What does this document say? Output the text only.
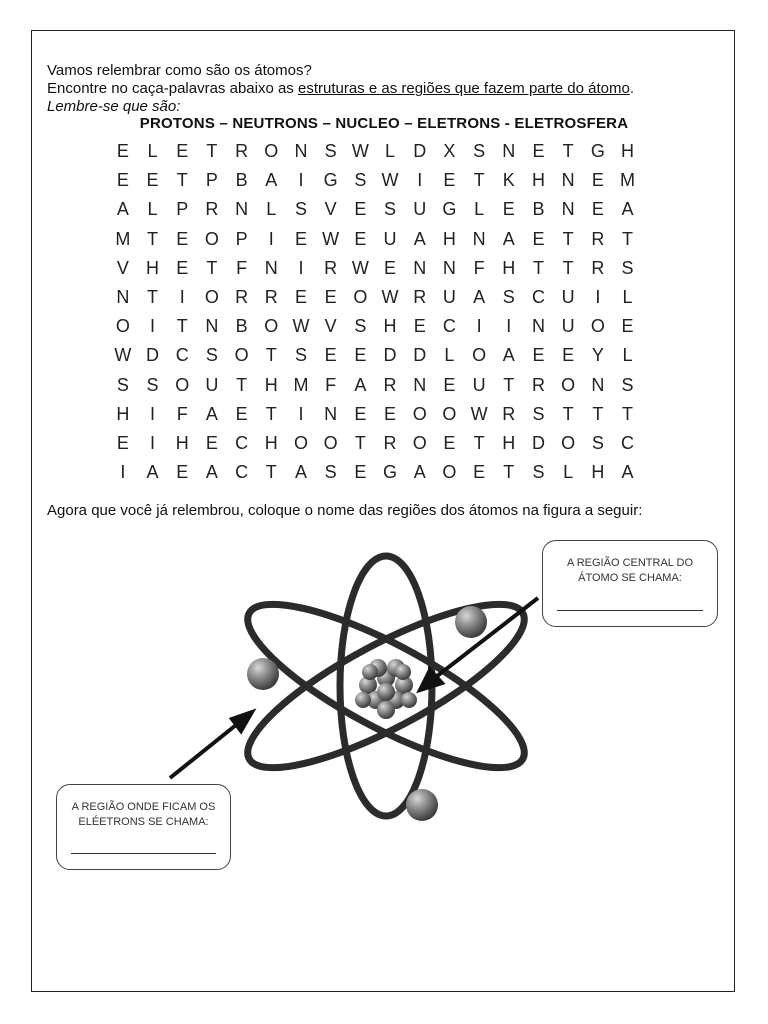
Vamos relembrar como são os átomos?
Encontre no caça-palavras abaixo as estruturas e as regiões que fazem parte do átomo.
Lembre-se que são:
PROTONS – NEUTRONS – NUCLEO – ELETRONS - ELETROSFERA
E	L	E	T R O N S W L	D X S N E	T G H
E E	T	P B A	I	G S W	I	E	T	K H N E M
A	L	P R N	L	S V E S U G L	E B N E A
M T	E O P	I	E W E U A H N A E	T R T
V H E	T	F N	I	R W E N N F H T	T R S
N T	I	O R R E E O W R U A S C U	I	L
O	I	T N B O W V S H E C	I	I	N U O E
W D C S O T	S E E D D	L O A E E Y	L
S S O U T H M F	A R N E U T R O N S
H	I	F	A E	T	I	N E E O O W R S	T	T	T
E	I	H E C H O O T R O E	T H D O S C
I	A E A C T	A S E G A O E	T	S	L	H A
Agora que você já relembrou, coloque o nome das regiões dos átomos na figura a seguir:
A REGIÃO CENTRAL DO ÁTOMO SE CHAMA:
A REGIÃO ONDE FICAM OS ELÉETRONS SE CHAMA:
